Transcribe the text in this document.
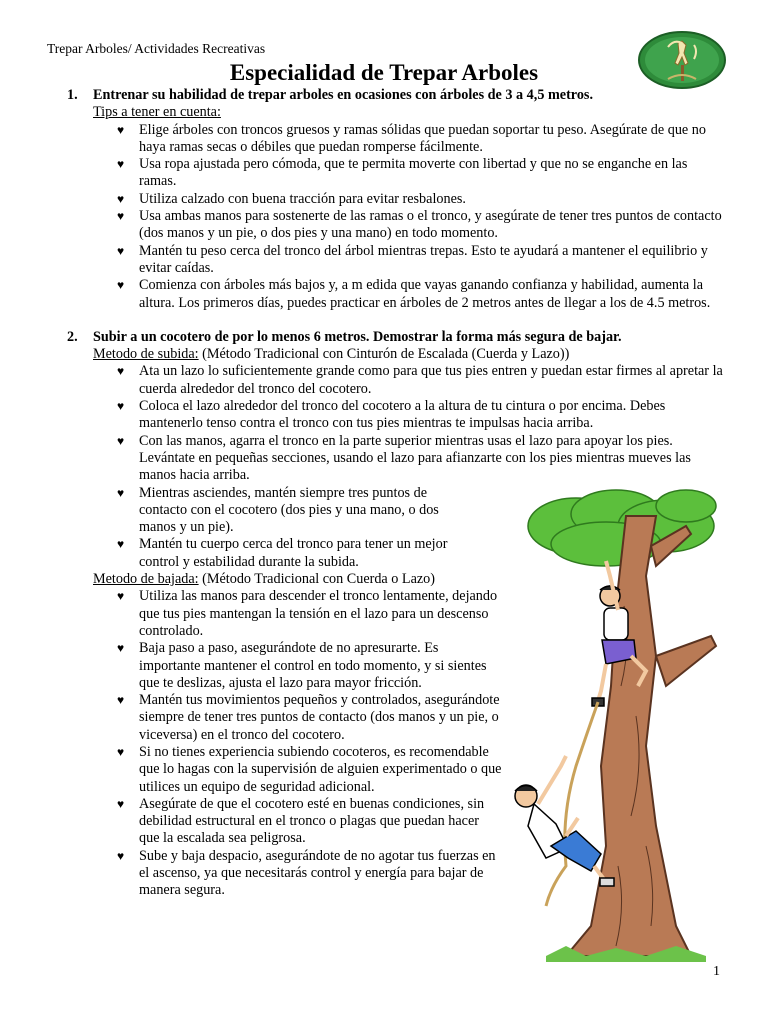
Trepar Arboles/ Actividades Recreativas
Especialidad de Trepar Arboles
1.	Entrenar su habilidad de trepar arboles en ocasiones con árboles de 3 a 4,5 metros.
Tips a tener en cuenta:
♥ Elige árboles con troncos gruesos y ramas sólidas que puedan soportar tu peso. Asegúrate de que no haya ramas secas o débiles que puedan romperse fácilmente.
♥ Usa ropa ajustada pero cómoda, que te permita moverte con libertad y que no se enganche en las ramas.
♥ Utiliza calzado con buena tracción para evitar resbalones.
♥ Usa ambas manos para sostenerte de las ramas o el tronco, y asegúrate de tener tres puntos de contacto (dos manos y un pie, o dos pies y una mano) en todo momento.
♥ Mantén tu peso cerca del tronco del árbol mientras trepas. Esto te ayudará a mantener el equilibrio y evitar caídas.
♥ Comienza con árboles más bajos y, a m edida que vayas ganando confianza y habilidad, aumenta la altura. Los primeros días, puedes practicar en árboles de 2 metros antes de llegar a los de 4.5 metros.
2.	Subir a un cocotero de por lo menos 6 metros. Demostrar la forma más segura de bajar.
Metodo de subida: (Método Tradicional con Cinturón de Escalada (Cuerda y Lazo))
♥ Ata un lazo lo suficientemente grande como para que tus pies entren y puedan estar firmes al apretar la cuerda alrededor del tronco del cocotero.
♥ Coloca el lazo alrededor del tronco del cocotero a la altura de tu cintura o por encima. Debes mantenerlo tenso contra el tronco con tus pies mientras te impulsas hacia arriba.
♥ Con las manos, agarra el tronco en la parte superior mientras usas el lazo para apoyar los pies. Levántate en pequeñas secciones, usando el lazo para afianzarte con los pies mientras mueves las manos hacia arriba.
♥ Mientras asciendes, mantén siempre tres puntos de contacto con el cocotero (dos pies y una mano, o dos manos y un pie).
♥ Mantén tu cuerpo cerca del tronco para tener un mejor control y estabilidad durante la subida.
Metodo de bajada: (Método Tradicional con Cuerda o Lazo)
♥ Utiliza las manos para descender el tronco lentamente, dejando que tus pies mantengan la tensión en el lazo para un descenso controlado.
♥ Baja paso a paso, asegurándote de no apresurarte. Es importante mantener el control en todo momento, y si sientes que te deslizas, ajusta el lazo para mayor fricción.
♥ Mantén tus movimientos pequeños y controlados, asegurándote siempre de tener tres puntos de contacto (dos manos y un pie, o viceversa) en el tronco del cocotero.
♥ Si no tienes experiencia subiendo cocoteros, es recomendable que lo hagas con la supervisión de alguien experimentado o que utilices un equipo de seguridad adicional.
♥ Asegúrate de que el cocotero esté en buenas condiciones, sin debilidad estructural en el tronco o plagas que puedan hacer que la escalada sea peligrosa.
♥ Sube y baja despacio, asegurándote de no agotar tus fuerzas en el ascenso, ya que necesitarás control y energía para bajar de manera segura.
1
